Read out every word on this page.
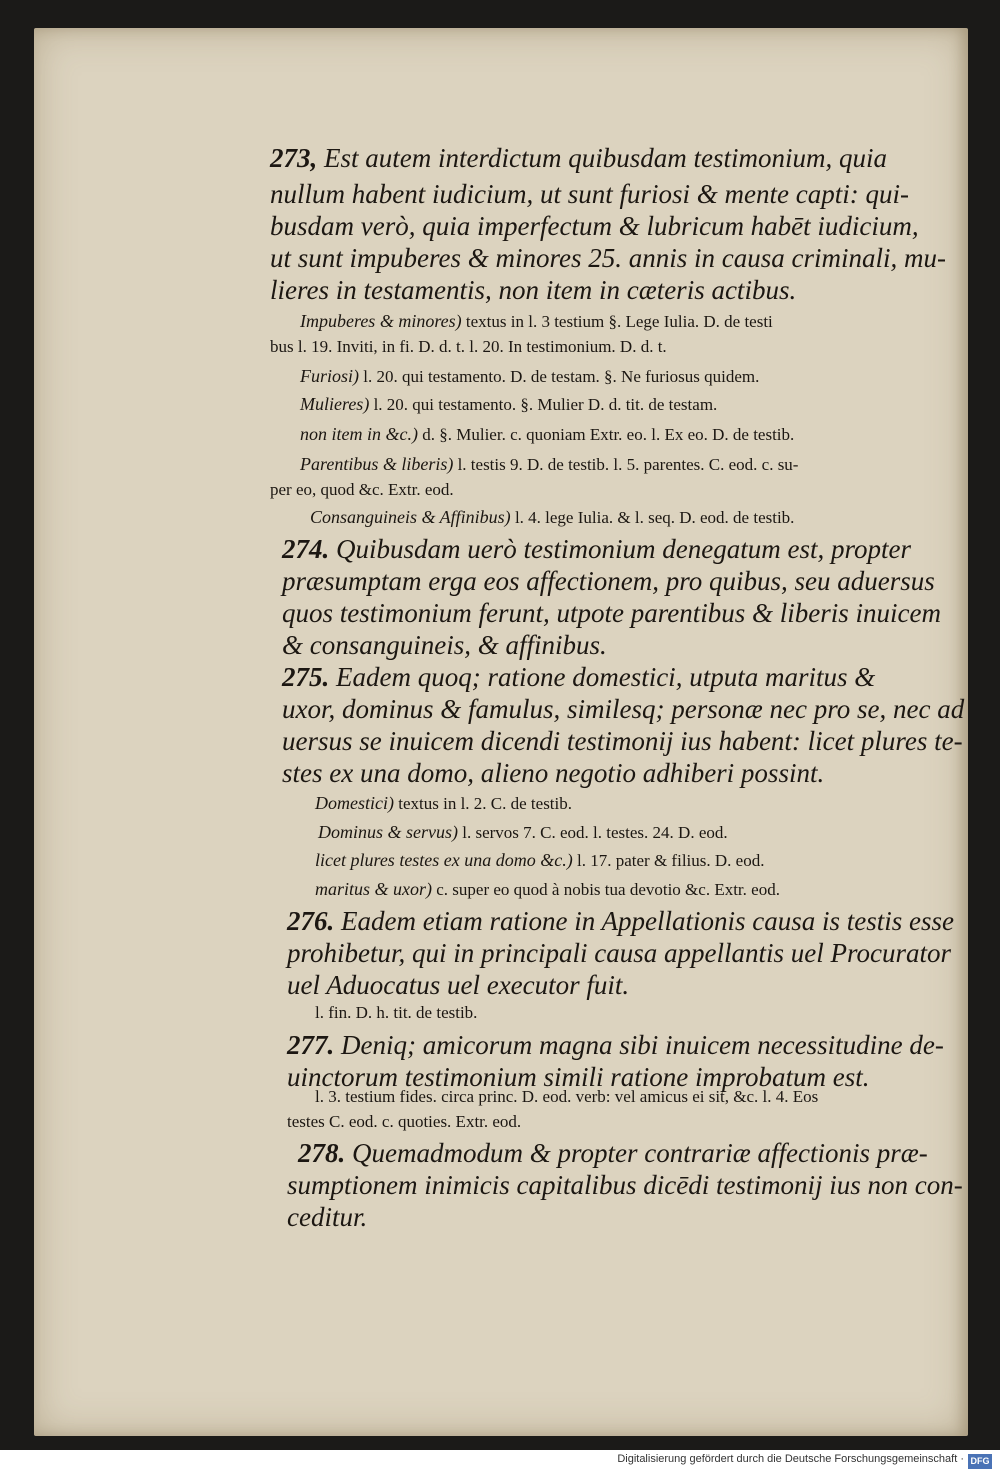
273, Est autem interdictum quibusdam testimonium, quia
nullum habent iudicium, ut sunt furiosi & mente capti: qui-
busdam verò, quia imperfectum & lubricum habēt iudicium,
ut sunt impuberes & minores 25. annis in causa criminali, mu-
lieres in testamentis, non item in cæteris actibus.
Impuberes & minores) textus in l. 3 testium §. Lege Iulia. D. de testi
bus l. 19. Inviti, in fi. D. d. t. l. 20. In testimonium. D. d. t.
Furiosi) l. 20. qui testamento. D. de testam. §. Ne furiosus quidem.
Mulieres) l. 20. qui testamento. §. Mulier D. d. tit. de testam.
non item in &c.) d. §. Mulier. c. quoniam Extr. eo. l. Ex eo. D. de testib.
Parentibus & liberis) l. testis 9. D. de testib. l. 5. parentes. C. eod. c. su-
per eo, quod &c. Extr. eod.
Consanguineis & Affinibus) l. 4. lege Iulia. & l. seq. D. eod. de testib.
274. Quibusdam uerò testimonium denegatum est, propter
præsumptam erga eos affectionem, pro quibus, seu aduersus
quos testimonium ferunt, utpote parentibus & liberis inuicem
& consanguineis, & affinibus.
275. Eadem quoq; ratione domestici, utputa maritus &
uxor, dominus & famulus, similesq; personæ nec pro se, nec ad
uersus se inuicem dicendi testimonij ius habent: licet plures te-
stes ex una domo, alieno negotio adhiberi possint.
Domestici) textus in l. 2. C. de testib.
Dominus & servus) l. servos 7. C. eod. l. testes. 24. D. eod.
licet plures testes ex una domo &c.) l. 17. pater & filius. D. eod.
maritus & uxor) c. super eo quod à nobis tua devotio &c. Extr. eod.
276. Eadem etiam ratione in Appellationis causa is testis esse
prohibetur, qui in principali causa appellantis uel Procurator
uel Aduocatus uel executor fuit.
l. fin. D. h. tit. de testib.
277. Deniq; amicorum magna sibi inuicem necessitudine de-
uinctorum testimonium simili ratione improbatum est.
l. 3. testium fides. circa princ. D. eod. verb: vel amicus ei sit, &c. l. 4. Eos
testes C. eod. c. quoties. Extr. eod.
278. Quemadmodum & propter contrariæ affectionis præ-
sumptionem inimicis capitalibus dicēdi testimonij ius non con-
ceditur.
Digitalisierung gefördert durch die Deutsche Forschungsgemeinschaft · DFG
